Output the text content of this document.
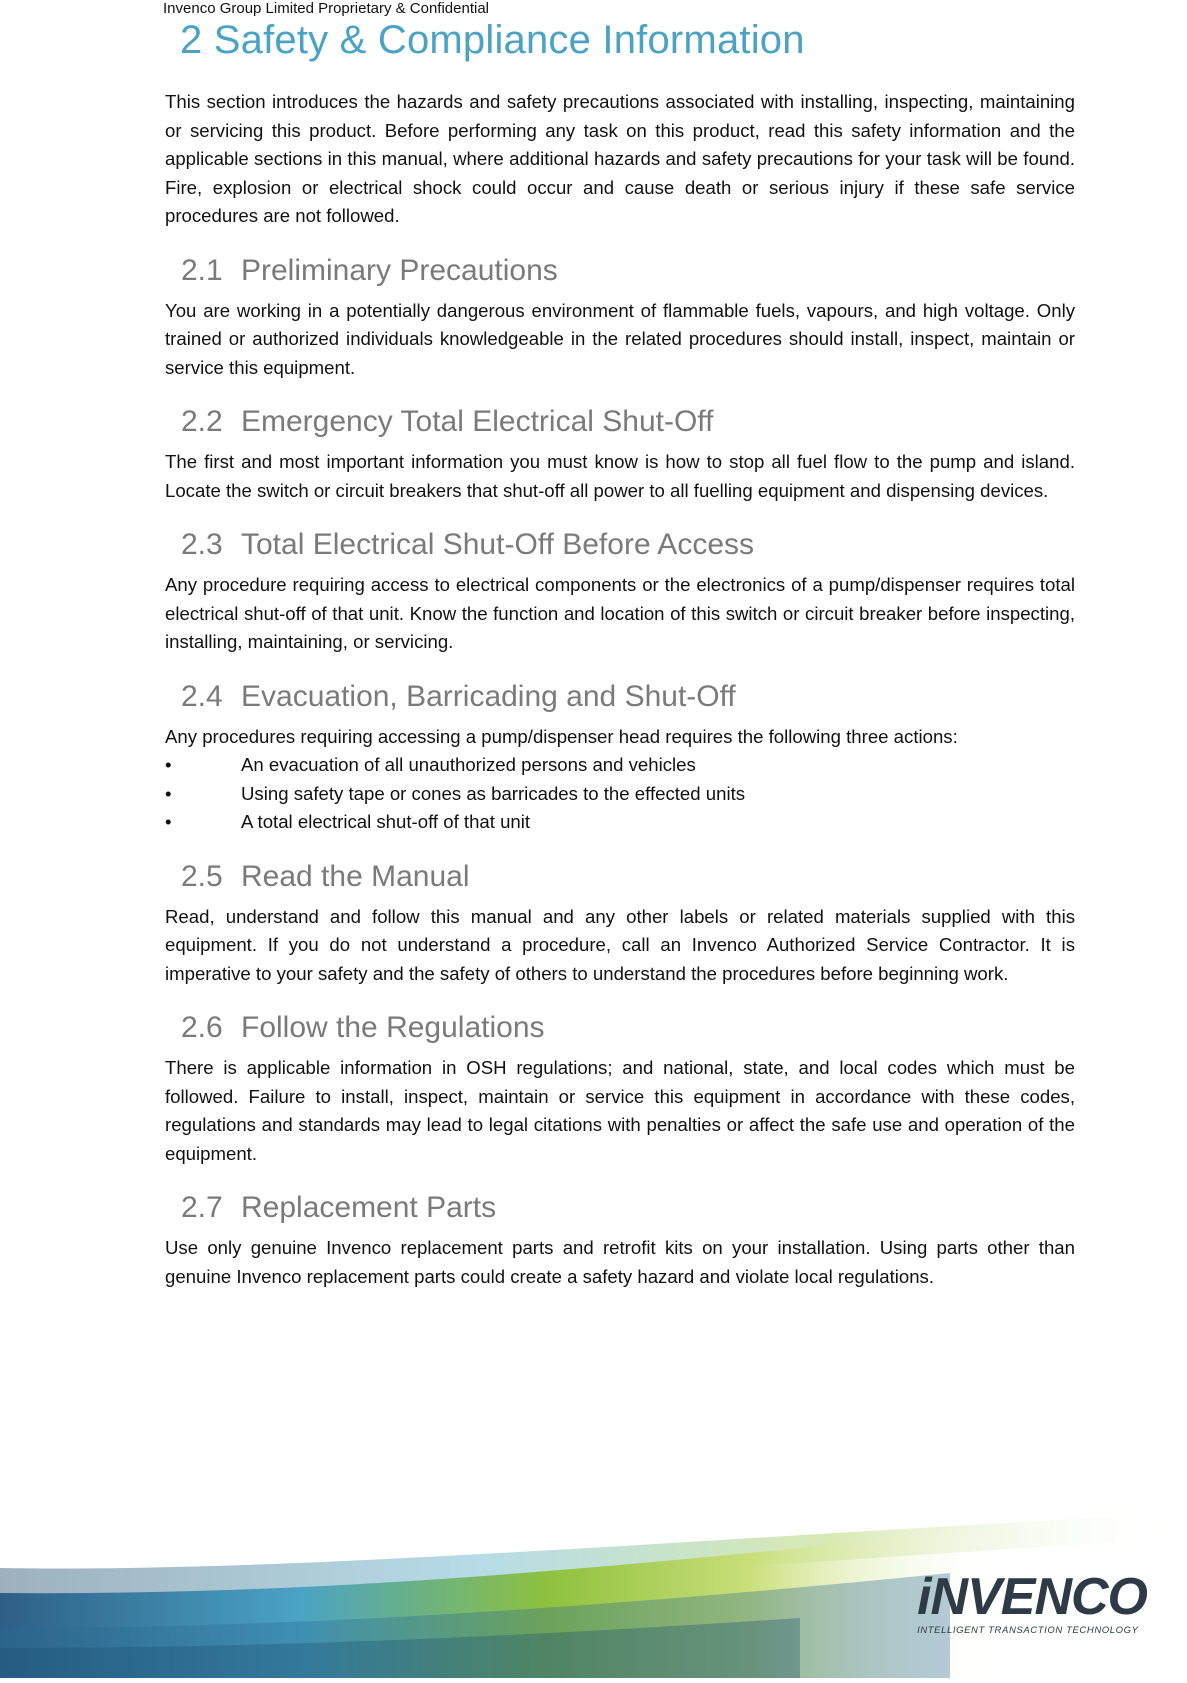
Invenco Group Limited Proprietary & Confidential
2 Safety & Compliance Information

This section introduces the hazards and safety precautions associated with installing, inspecting, maintaining or servicing this product. Before performing any task on this product, read this safety information and the applicable sections in this manual, where additional hazards and safety precautions for your task will be found. Fire, explosion or electrical shock could occur and cause death or serious injury if these safe service procedures are not followed.

2.1 Preliminary Precautions

You are working in a potentially dangerous environment of flammable fuels, vapours, and high voltage. Only trained or authorized individuals knowledgeable in the related procedures should install, inspect, maintain or service this equipment.

2.2 Emergency Total Electrical Shut-Off

The first and most important information you must know is how to stop all fuel flow to the pump and island. Locate the switch or circuit breakers that shut-off all power to all fuelling equipment and dispensing devices.

2.3 Total Electrical Shut-Off Before Access

Any procedure requiring access to electrical components or the electronics of a pump/dispenser requires total electrical shut-off of that unit. Know the function and location of this switch or circuit breaker before inspecting, installing, maintaining, or servicing.

2.4 Evacuation, Barricading and Shut-Off

Any procedures requiring accessing a pump/dispenser head requires the following three actions:

•	An evacuation of all unauthorized persons and vehicles
•	Using safety tape or cones as barricades to the effected units
•	A total electrical shut-off of that unit
2.5 Read the Manual

Read, understand and follow this manual and any other labels or related materials supplied with this equipment. If you do not understand a procedure, call an Invenco Authorized Service Contractor. It is imperative to your safety and the safety of others to understand the procedures before beginning work.

2.6 Follow the Regulations

There is applicable information in OSH regulations; and national, state, and local codes which must be followed. Failure to install, inspect, maintain or service this equipment in accordance with these codes, regulations and standards may lead to legal citations with penalties or affect the safe use and operation of the equipment.

2.7 Replacement Parts

Use only genuine Invenco replacement parts and retrofit kits on your installation. Using parts other than genuine Invenco replacement parts could create a safety hazard and violate local regulations.

iNVENCO
INTELLIGENT TRANSACTION TECHNOLOGY
